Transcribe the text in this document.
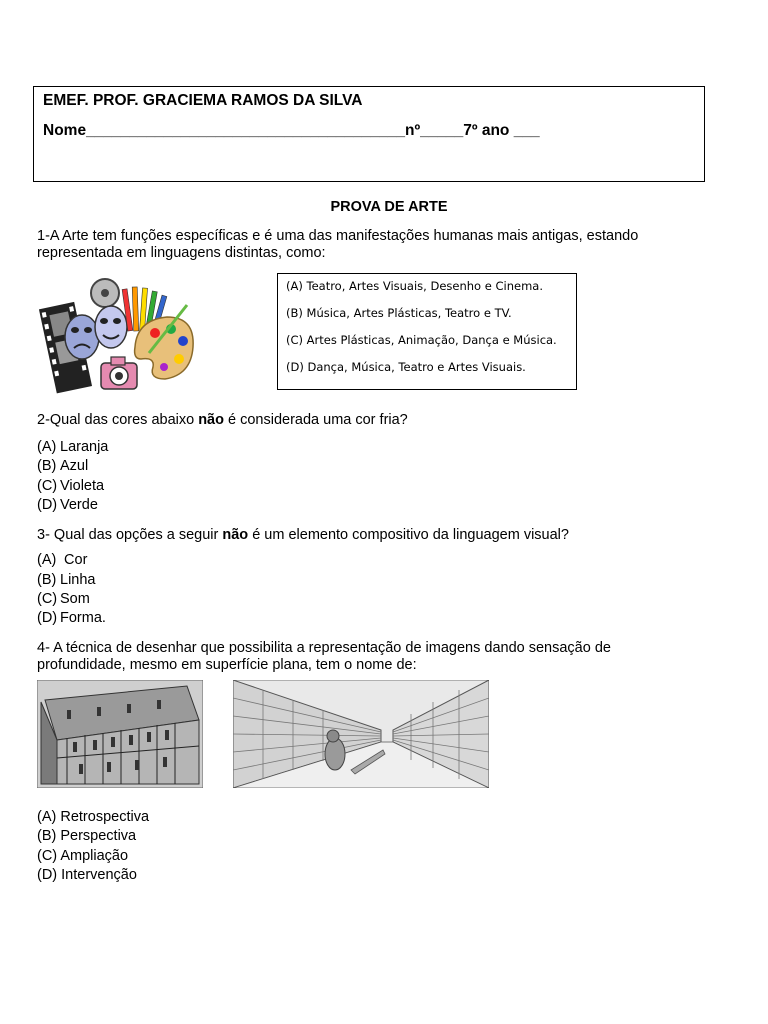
EMEF. PROF. GRACIEMA RAMOS DA SILVA
Nome_____________________________________nº_____7º ano ___
PROVA DE ARTE
1-A Arte tem funções específicas e é uma das manifestações humanas mais antigas, estando
representada em linguagens distintas, como:
(A) Teatro, Artes Visuais, Desenho e Cinema.
(B) Música, Artes Plásticas, Teatro e TV.
(C) Artes Plásticas, Animação, Dança e Música.
(D) Dança, Música, Teatro e Artes Visuais.
2-Qual das cores abaixo não é considerada uma cor fria?
(A) Laranja
(B) Azul
(C) Violeta
(D) Verde
3- Qual das opções a seguir não é um elemento compositivo da linguagem visual?
(A) Cor
(B) Linha
(C) Som
(D) Forma.
4- A técnica de desenhar que possibilita a representação de imagens dando sensação de
profundidade, mesmo em superfície plana, tem o nome de:
(A) Retrospectiva
(B) Perspectiva
(C) Ampliação
(D) Intervenção
